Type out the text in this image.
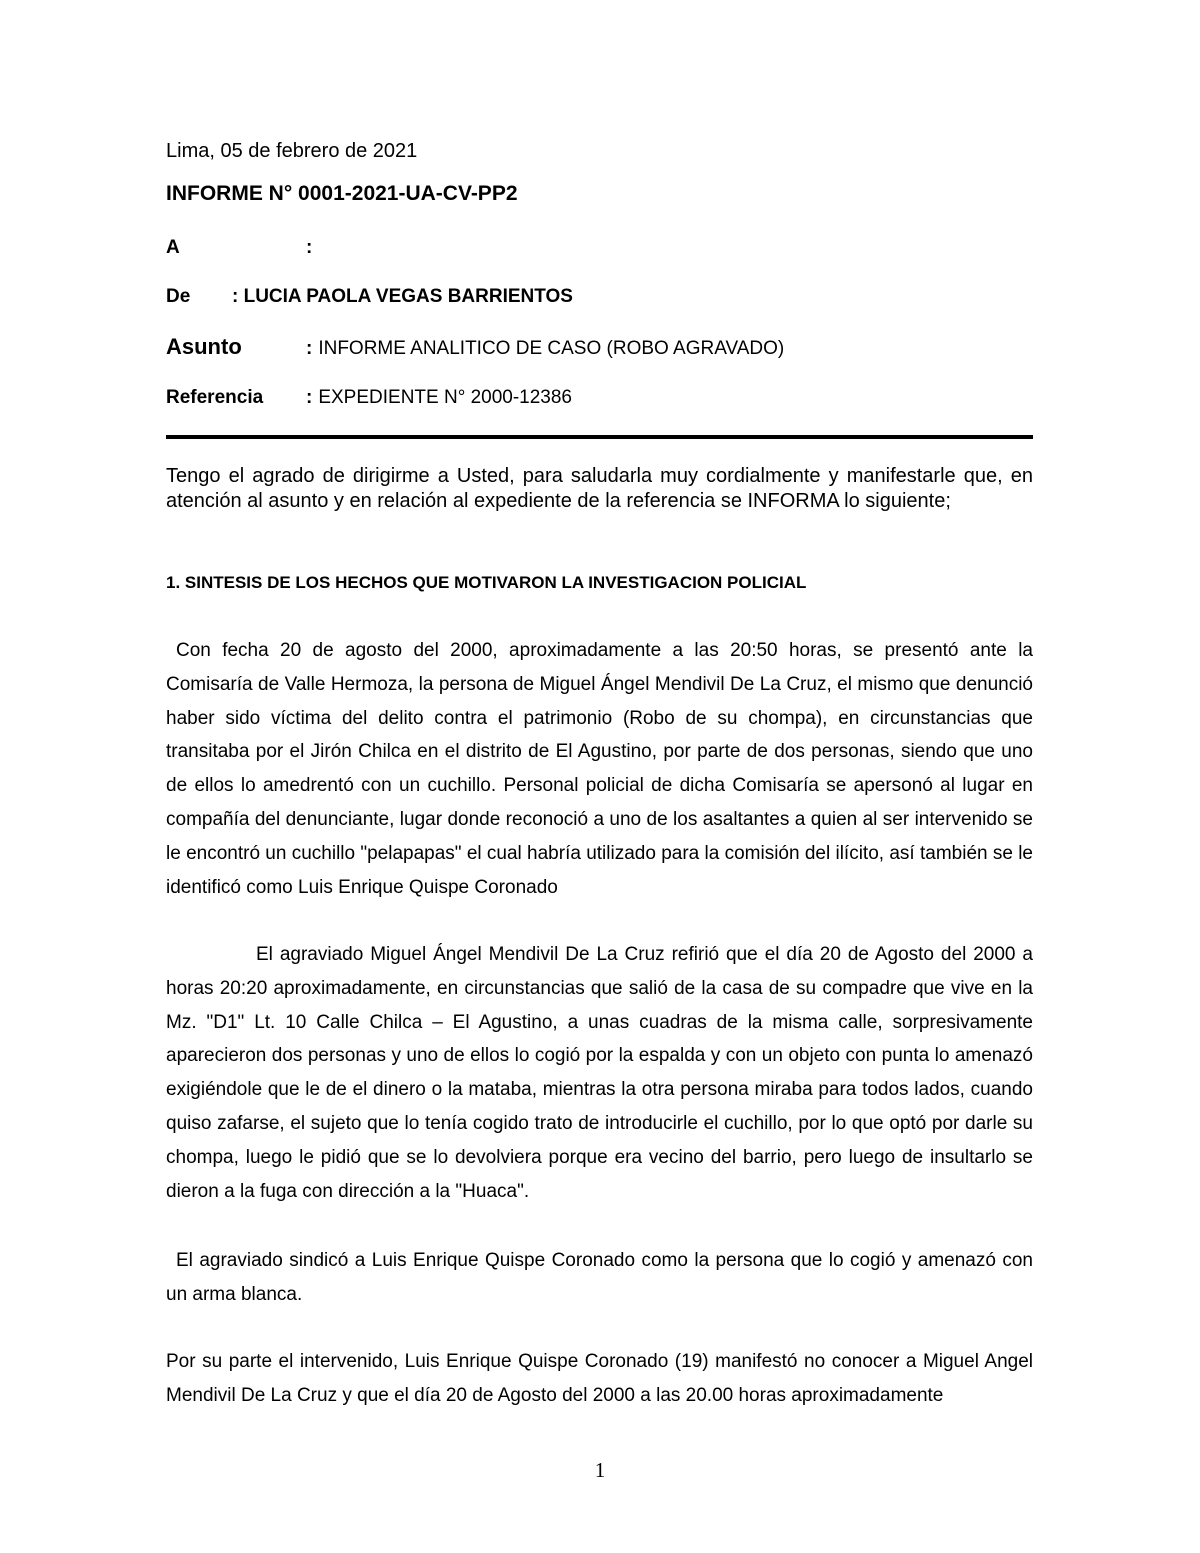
Lima, 05 de febrero de 2021
INFORME N° 0001-2021-UA-CV-PP2
A	:
De : LUCIA PAOLA VEGAS BARRIENTOS
Asunto	: INFORME ANALITICO DE CASO (ROBO AGRAVADO)
Referencia : EXPEDIENTE N° 2000-12386
Tengo el agrado de dirigirme a Usted, para saludarla muy cordialmente y manifestarle que, en atención al asunto y en relación al expediente de la referencia se INFORMA lo siguiente;
1. SINTESIS DE LOS HECHOS QUE MOTIVARON LA INVESTIGACION POLICIAL
Con fecha 20 de agosto del 2000, aproximadamente a las 20:50 horas, se presentó ante la Comisaría de Valle Hermoza, la persona de Miguel Ángel Mendivil De La Cruz, el mismo que denunció haber sido víctima del delito contra el patrimonio (Robo de su chompa), en circunstancias que transitaba por el Jirón Chilca en el distrito de El Agustino, por parte de dos personas, siendo que uno de ellos lo amedrentó con un cuchillo. Personal policial de dicha Comisaría se apersonó al lugar en compañía del denunciante, lugar donde reconoció a uno de los asaltantes a quien al ser intervenido se le encontró un cuchillo "pelapapas" el cual habría utilizado para la comisión del ilícito, así también se le identificó como Luis Enrique Quispe Coronado
El agraviado Miguel Ángel Mendivil De La Cruz refirió que el día 20 de Agosto del 2000 a horas 20:20 aproximadamente, en circunstancias que salió de la casa de su compadre que vive en la Mz. "D1" Lt. 10 Calle Chilca – El Agustino, a unas cuadras de la misma calle, sorpresivamente aparecieron dos personas y uno de ellos lo cogió por la espalda y con un objeto con punta lo amenazó exigiéndole que le de el dinero o la mataba, mientras la otra persona miraba para todos lados, cuando quiso zafarse, el sujeto que lo tenía cogido trato de introducirle el cuchillo, por lo que optó por darle su chompa, luego le pidió que se lo devolviera porque era vecino del barrio, pero luego de insultarlo se dieron a la fuga con dirección a la "Huaca".
El agraviado sindicó a Luis Enrique Quispe Coronado como la persona que lo cogió y amenazó con un arma blanca.
Por su parte el intervenido, Luis Enrique Quispe Coronado (19) manifestó no conocer a Miguel Angel Mendivil De La Cruz y que el día 20 de Agosto del 2000 a las 20.00 horas aproximadamente
1
